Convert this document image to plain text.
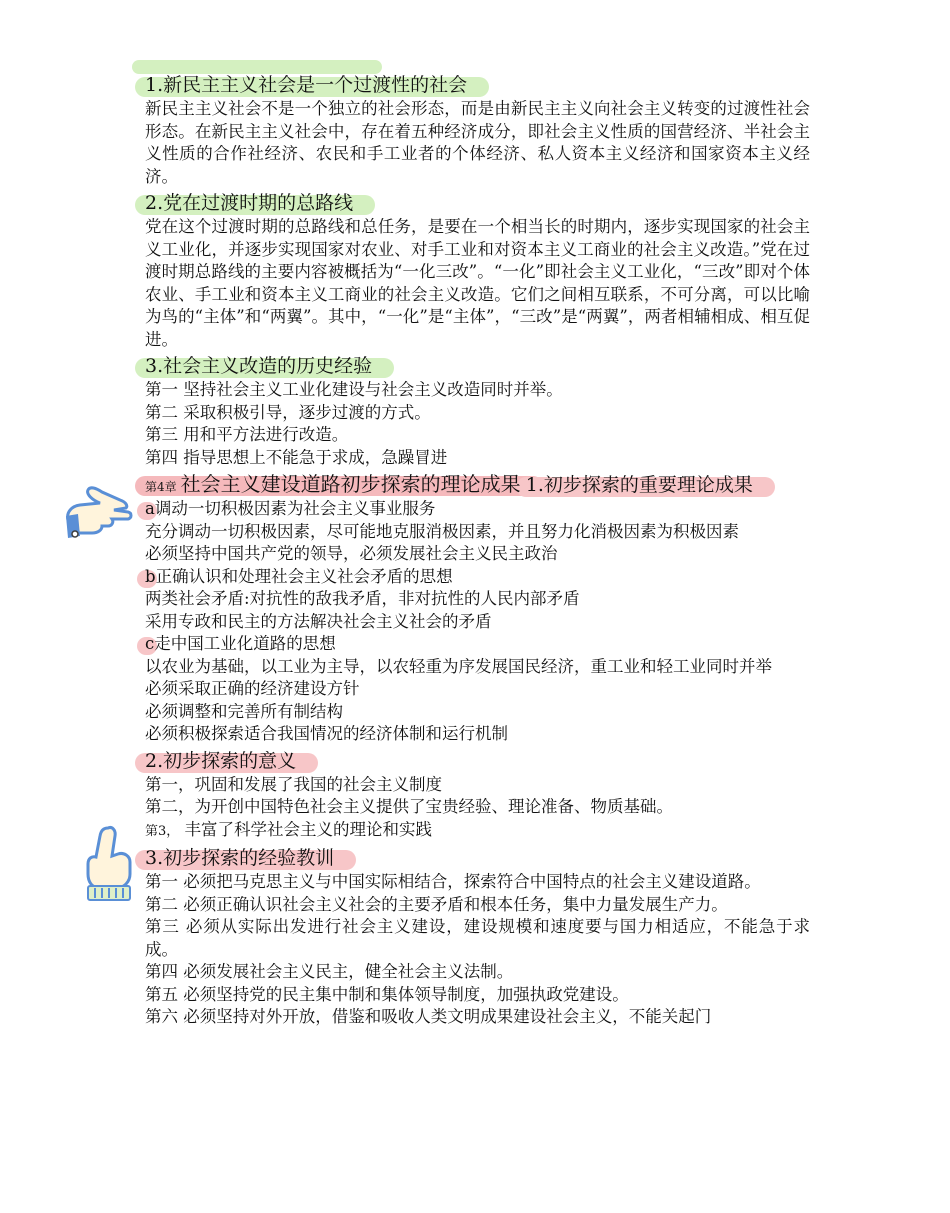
1.新民主主义社会是一个过渡性的社会

新民主主义社会不是一个独立的社会形态，而是由新民主主义向社会主义转变的过渡性社会形态。在新民主主义社会中，存在着五种经济成分，即社会主义性质的国营经济、半社会主义性质的合作社经济、农民和手工业者的个体经济、私人资本主义经济和国家资本主义经济。

2.党在过渡时期的总路线

党在这个过渡时期的总路线和总任务，是要在一个相当长的时期内，逐步实现国家的社会主义工业化，并逐步实现国家对农业、对手工业和对资本主义工商业的社会主义改造。”党在过渡时期总路线的主要内容被概括为“一化三改”。“一化”即社会主义工业化，“三改”即对个体农业、手工业和资本主义工商业的社会主义改造。它们之间相互联系，不可分离，可以比喻为鸟的“主体”和“两翼”。其中，“一化”是“主体”，“三改”是“两翼”，两者相辅相成、相互促进。

3.社会主义改造的历史经验

第一 坚持社会主义工业化建设与社会主义改造同时并举。

第二 采取积极引导，逐步过渡的方式。

第三 用和平方法进行改造。

第四 指导思想上不能急于求成，急躁冒进

第4章 社会主义建设道路初步探索的理论成果 1.初步探索的重要理论成果
a调动一切积极因素为社会主义事业服务

充分调动一切积极因素，尽可能地克服消极因素，并且努力化消极因素为积极因素

必须坚持中国共产党的领导，必须发展社会主义民主政治

b正确认识和处理社会主义社会矛盾的思想

两类社会矛盾:对抗性的敌我矛盾，非对抗性的人民内部矛盾

采用专政和民主的方法解决社会主义社会的矛盾

c走中国工业化道路的思想

以农业为基础，以工业为主导，以农轻重为序发展国民经济，重工业和轻工业同时并举

必须采取正确的经济建设方针

必须调整和完善所有制结构

必须积极探索适合我国情况的经济体制和运行机制

2.初步探索的意义

第一，巩固和发展了我国的社会主义制度

第二，为开创中国特色社会主义提供了宝贵经验、理论准备、物质基础。

第3， 丰富了科学社会主义的理论和实践

3.初步探索的经验教训

第一 必须把马克思主义与中国实际相结合，探索符合中国特点的社会主义建设道路。

第二 必须正确认识社会主义社会的主要矛盾和根本任务，集中力量发展生产力。

第三 必须从实际出发进行社会主义建设，建设规模和速度要与国力相适应，不能急于求成。

第四 必须发展社会主义民主，健全社会主义法制。

第五 必须坚持党的民主集中制和集体领导制度，加强执政党建设。

第六 必须坚持对外开放，借鉴和吸收人类文明成果建设社会主义，不能关起门
